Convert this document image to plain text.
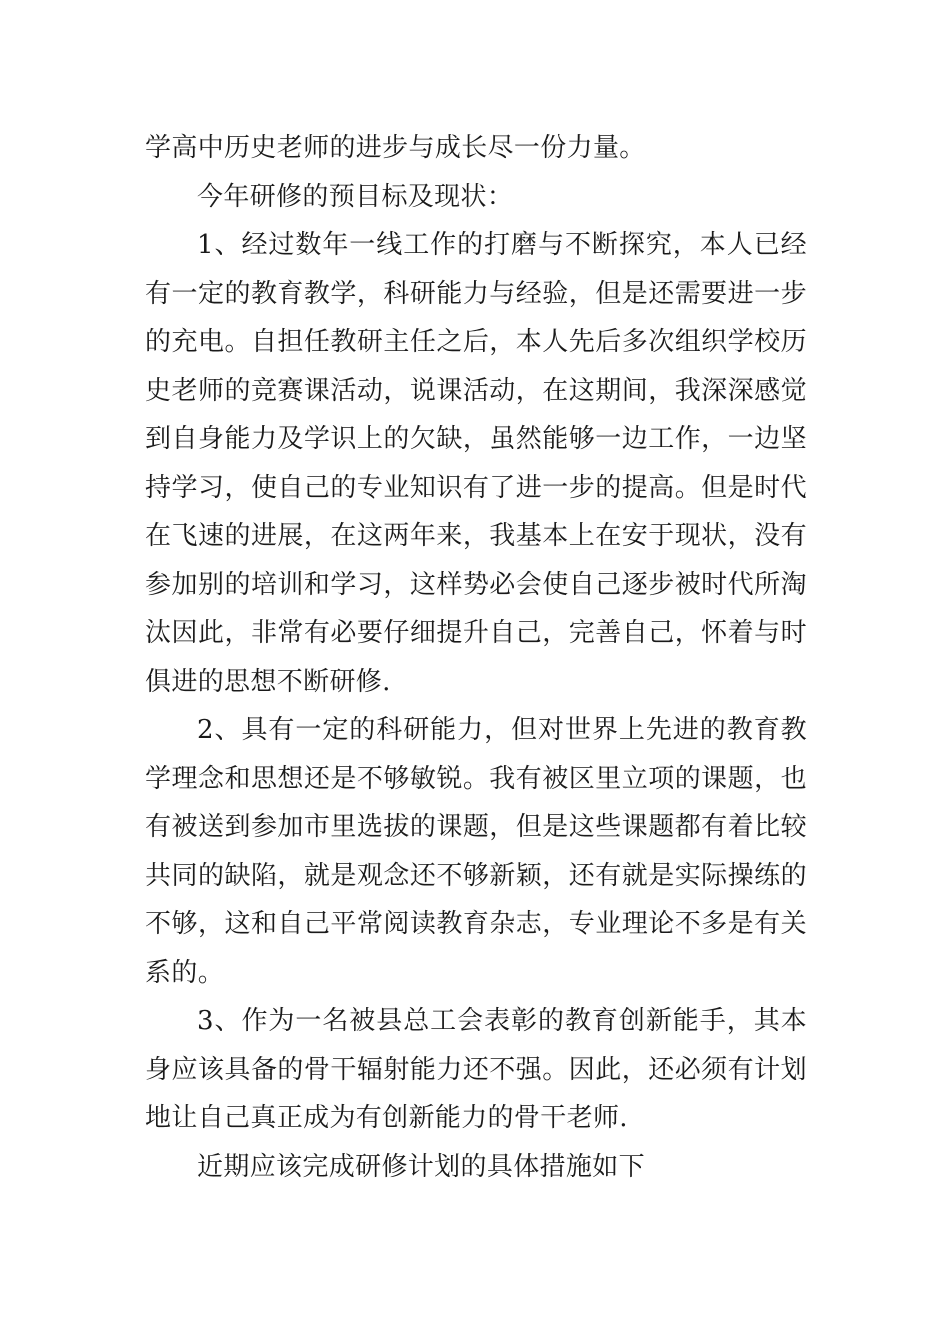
学高中历史老师的进步与成长尽一份力量。

今年研修的预目标及现状：

1、经过数年一线工作的打磨与不断探究，本人已经有一定的教育教学，科研能力与经验，但是还需要进一步的充电。自担任教研主任之后，本人先后多次组织学校历史老师的竞赛课活动，说课活动，在这期间，我深深感觉到自身能力及学识上的欠缺，虽然能够一边工作，一边坚持学习，使自己的专业知识有了进一步的提高。但是时代在飞速的进展，在这两年来，我基本上在安于现状，没有参加别的培训和学习，这样势必会使自己逐步被时代所淘汰因此，非常有必要仔细提升自己，完善自己，怀着与时俱进的思想不断研修.

2、具有一定的科研能力，但对世界上先进的教育教学理念和思想还是不够敏锐。我有被区里立项的课题，也有被送到参加市里选拔的课题，但是这些课题都有着比较共同的缺陷，就是观念还不够新颖，还有就是实际操练的不够，这和自己平常阅读教育杂志，专业理论不多是有关系的。

3、作为一名被县总工会表彰的教育创新能手，其本身应该具备的骨干辐射能力还不强。因此，还必须有计划地让自己真正成为有创新能力的骨干老师.

近期应该完成研修计划的具体措施如下
